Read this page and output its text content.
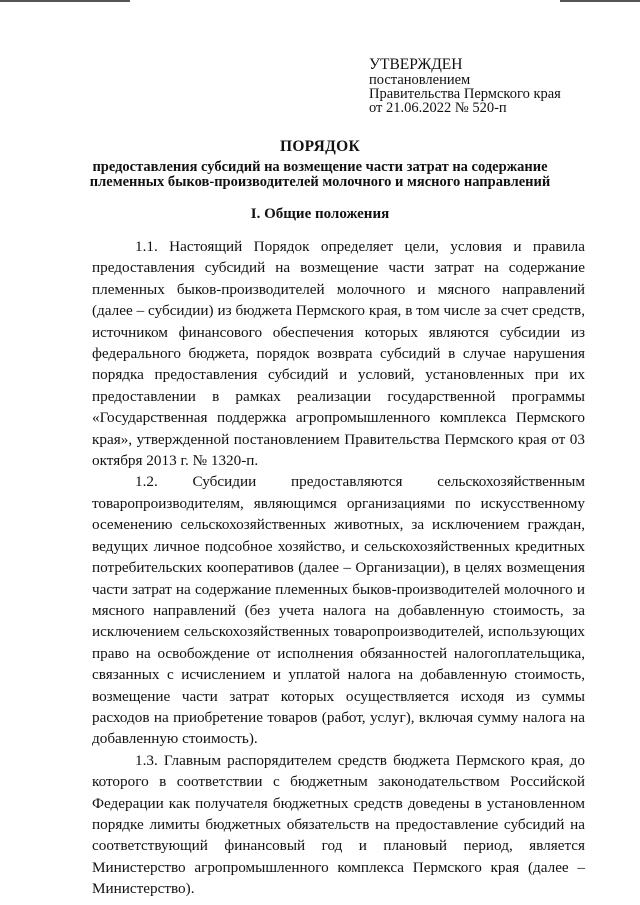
УТВЕРЖДЕН
постановлением
Правительства Пермского края
от 21.06.2022 № 520-п
ПОРЯДОК
предоставления субсидий на возмещение части затрат на содержание племенных быков-производителей молочного и мясного направлений
I. Общие положения

1.1. Настоящий Порядок определяет цели, условия и правила предоставления субсидий на возмещение части затрат на содержание племенных быков-производителей молочного и мясного направлений (далее – субсидии) из бюджета Пермского края, в том числе за счет средств, источником финансового обеспечения которых являются субсидии из федерального бюджета, порядок возврата субсидий в случае нарушения порядка предоставления субсидий и условий, установленных при их предоставлении в рамках реализации государственной программы «Государственная поддержка агропромышленного комплекса Пермского края», утвержденной постановлением Правительства Пермского края от 03 октября 2013 г. № 1320-п.

1.2. Субсидии предоставляются сельскохозяйственным товаропроизводителям, являющимся организациями по искусственному осеменению сельскохозяйственных животных, за исключением граждан, ведущих личное подсобное хозяйство, и сельскохозяйственных кредитных потребительских кооперативов (далее – Организации), в целях возмещения части затрат на содержание племенных быков-производителей молочного и мясного направлений (без учета налога на добавленную стоимость, за исключением сельскохозяйственных товаропроизводителей, использующих право на освобождение от исполнения обязанностей налогоплательщика, связанных с исчислением и уплатой налога на добавленную стоимость, возмещение части затрат которых осуществляется исходя из суммы расходов на приобретение товаров (работ, услуг), включая сумму налога на добавленную стоимость).

1.3. Главным распорядителем средств бюджета Пермского края, до которого в соответствии с бюджетным законодательством Российской Федерации как получателя бюджетных средств доведены в установленном порядке лимиты бюджетных обязательств на предоставление субсидий на соответствующий финансовый год и плановый период, является Министерство агропромышленного комплекса Пермского края (далее – Министерство).
